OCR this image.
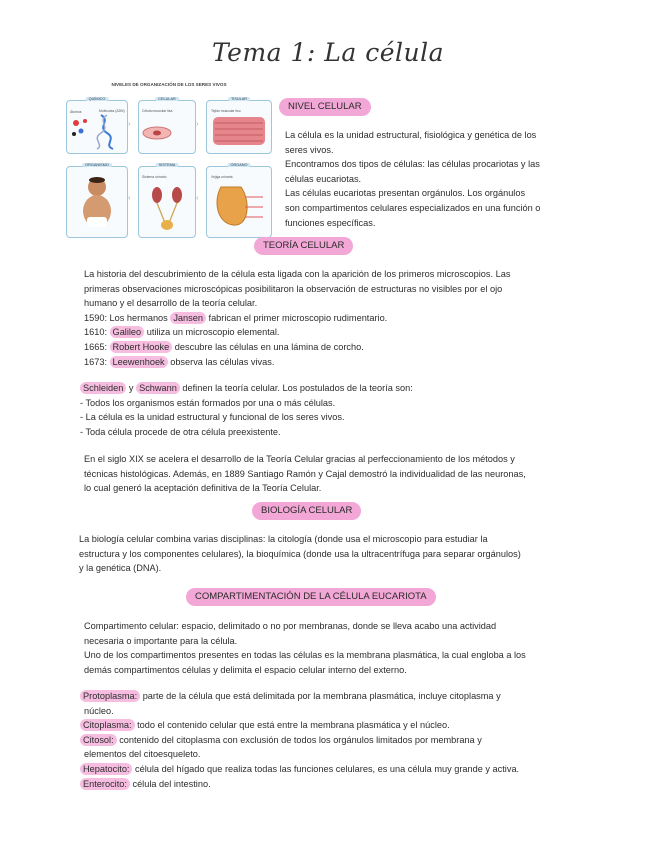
Tema 1: La célula
NIVELES DE ORGANIZACIÓN DE LOS SERES VIVOS
QUÍMICO
Átomos	Moléculas (ADN)
›
CELULAR
Célula muscular lisa
›
TISULAR
Tejido muscular liso
ORGANISMO
‹
SISTEMA
Sistema urinario
‹
ÓRGANO
Vejiga urinaria
NIVEL CELULAR

La célula es la unidad estructural, fisiológica y genética de los

seres vivos.

Encontramos dos tipos de células: las células procariotas y las

células eucariotas.

Las células eucariotas presentan orgánulos. Los orgánulos

son compartimentos celulares especializados en una función o

funciones específicas.

TEORÍA CELULAR

La historia del descubrimiento de la célula esta ligada con la aparición de los primeros microscopios. Las

primeras observaciones microscópicas posibilitaron la observación de estructuras no visibles por el ojo

humano y el desarrollo de la teoría celular.

1590: Los hermanos Jansen fabrican el primer microscopio rudimentario.

1610: Galileo utiliza un microscopio elemental.

1665: Robert Hooke descubre las células en una lámina de corcho.

1673: Leewenhoek observa las células vivas.

Schleiden y Schwann definen la teoría celular. Los postulados de la teoría son:

- Todos los organismos están formados por una o más células.

- La célula es la unidad estructural y funcional de los seres vivos.

- Toda célula procede de otra célula preexistente.

En el siglo XIX se acelera el desarrollo de la Teoría Celular gracias al perfeccionamiento de los métodos y

técnicas histológicas. Además, en 1889 Santiago Ramón y Cajal demostró la individualidad de las neuronas,

lo cual generó la aceptación definitiva de la Teoría Celular.

BIOLOGÍA CELULAR

La biología celular combina varias disciplinas: la citología (donde usa el microscopio para estudiar la

estructura y los componentes celulares), la bioquímica (donde usa la ultracentrífuga para separar orgánulos)

y la genética (DNA).

COMPARTIMENTACIÓN DE LA CÉLULA EUCARIOTA

Compartimento celular: espacio, delimitado o no por membranas, donde se lleva acabo una actividad

necesaria o importante para la célula.

Uno de los compartimentos presentes en todas las células es la membrana plasmática, la cual engloba a los

demás compartimentos células y delimita el espacio celular interno del externo.

Protoplasma: parte de la célula que está delimitada por la membrana plasmática, incluye citoplasma y

núcleo.

Citoplasma: todo el contenido celular que está entre la membrana plasmática y el núcleo.

Citosol: contenido del citoplasma con exclusión de todos los orgánulos limitados por membrana y

elementos del citoesqueleto.

Hepatocito: célula del hígado que realiza todas las funciones celulares, es una célula muy grande y activa.

Enterocito: célula del intestino.
